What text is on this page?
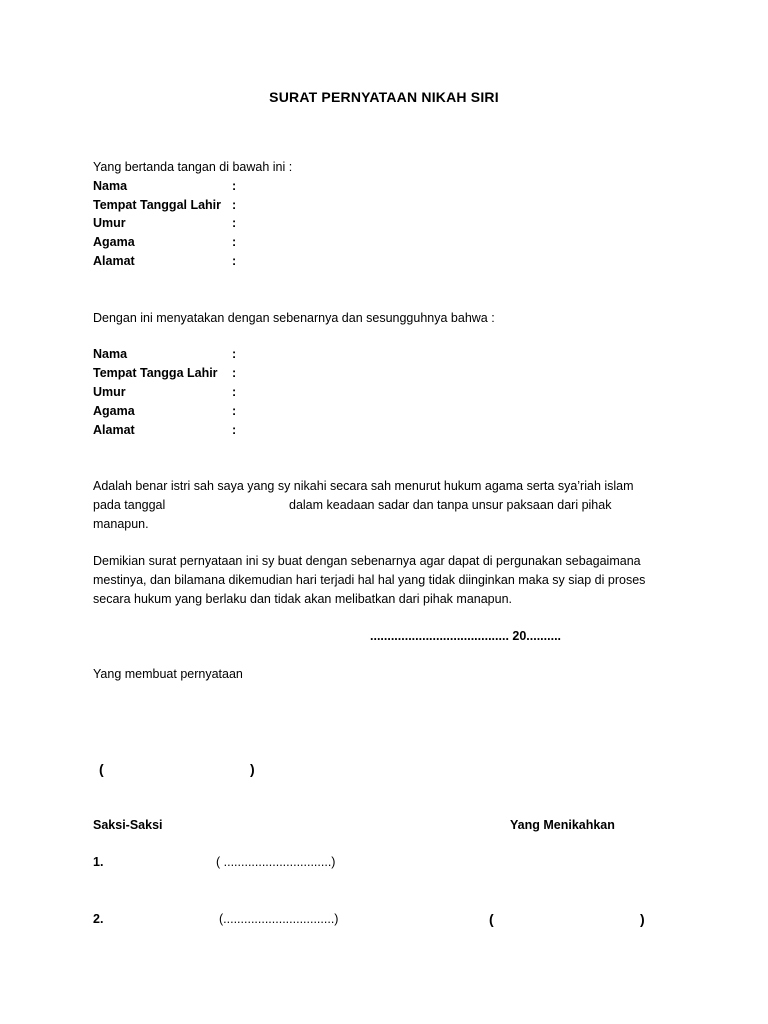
SURAT PERNYATAAN NIKAH SIRI
Yang bertanda tangan di bawah ini :
Nama	:
Tempat Tanggal Lahir :
Umur	:
Agama	:
Alamat	:
Dengan ini menyatakan dengan sebenarnya dan sesungguhnya bahwa :
Nama	:
Tempat Tangga Lahir :
Umur	:
Agama	:
Alamat	:
Adalah benar istri sah saya yang sy nikahi secara sah menurut hukum agama serta sya’riah islam
pada tanggal	dalam keadaan sadar dan tanpa unsur paksaan dari pihak
manapun.
Demikian surat pernyataan ini sy buat dengan sebenarnya agar dapat di pergunakan sebagaimana
mestinya, dan bilamana dikemudian hari terjadi hal hal yang tidak diinginkan maka sy siap di proses
secara hukum yang berlaku dan tidak akan melibatkan dari pihak manapun.
........................................ 20..........
Yang membuat pernyataan
(	)
Saksi-Saksi	Yang Menikahkan
1.	( ...............................)
2.	(................................)	(	)
